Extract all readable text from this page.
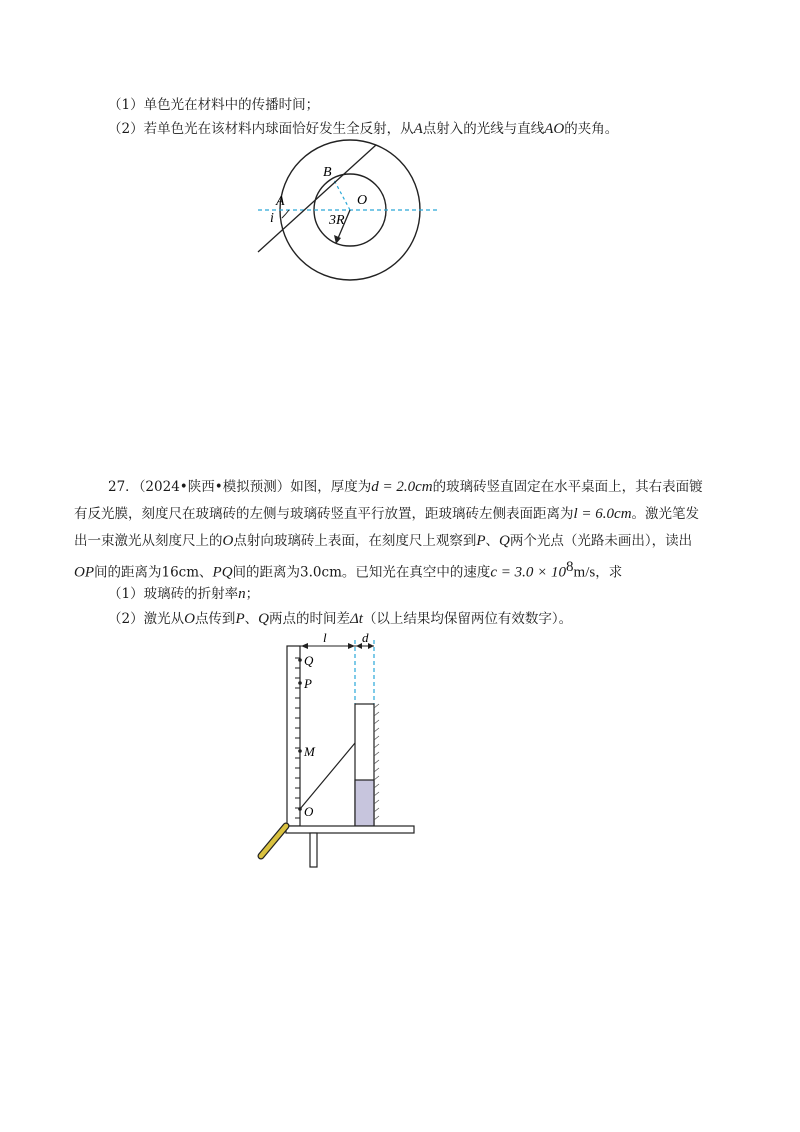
（1）单色光在材料中的传播时间；
（2）若单色光在该材料内球面恰好发生全反射，从A点射入的光线与直线AO的夹角。
A
B
O
i	3R
27．（2024•陕西•模拟预测）如图，厚度为d = 2.0cm的玻璃砖竖直固定在水平桌面上，其右表面镀
有反光膜，刻度尺在玻璃砖的左侧与玻璃砖竖直平行放置，距玻璃砖左侧表面距离为l = 6.0cm。激光笔发
出一束激光从刻度尺上的O点射向玻璃砖上表面，在刻度尺上观察到P、Q两个光点（光路未画出），读出
OP间的距离为16cm、PQ间的距离为3.0cm。已知光在真空中的速度$c = 3.0 \times 10^8m/s$，求
（1）玻璃砖的折射率n；
（2）激光从O点传到P、Q两点的时间差Δt（以上结果均保留两位有效数字）。
l	d
Q
P
M
O
